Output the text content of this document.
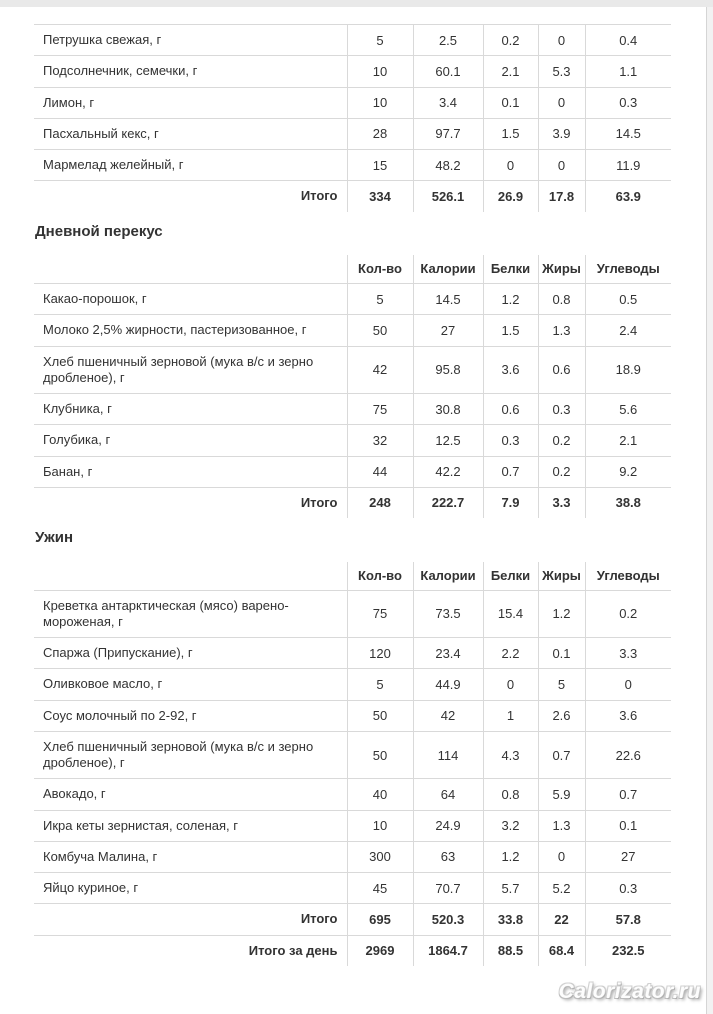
Петрушка свежая, г	5	2.5	0.2	0	0.4
Подсолнечник, семечки, г	10	60.1	2.1	5.3	1.1
Лимон, г	10	3.4	0.1	0	0.3
Пасхальный кекс, г	28	97.7	1.5	3.9	14.5
Мармелад желейный, г	15	48.2	0	0	11.9
Итого	334	526.1	26.9	17.8	63.9
Дневной перекус
	Кол-во	Калории	Белки	Жиры	Углеводы
Какао-порошок, г	5	14.5	1.2	0.8	0.5
Молоко 2,5% жирности, пастеризованное, г	50	27	1.5	1.3	2.4
Хлеб пшеничный зерновой (мука в/с и зерно дробленое), г	42	95.8	3.6	0.6	18.9
Клубника, г	75	30.8	0.6	0.3	5.6
Голубика, г	32	12.5	0.3	0.2	2.1
Банан, г	44	42.2	0.7	0.2	9.2
Итого	248	222.7	7.9	3.3	38.8
Ужин
	Кол-во	Калории	Белки	Жиры	Углеводы
Креветка антарктическая (мясо) варено-мороженая, г	75	73.5	15.4	1.2	0.2
Спаржа (Припускание), г	120	23.4	2.2	0.1	3.3
Оливковое масло, г	5	44.9	0	5	0
Соус молочный по 2-92, г	50	42	1	2.6	3.6
Хлеб пшеничный зерновой (мука в/с и зерно дробленое), г	50	114	4.3	0.7	22.6
Авокадо, г	40	64	0.8	5.9	0.7
Икра кеты зернистая, соленая, г	10	24.9	3.2	1.3	0.1
Комбуча Малина, г	300	63	1.2	0	27
Яйцо куриное, г	45	70.7	5.7	5.2	0.3
Итого	695	520.3	33.8	22	57.8
Итого за день	2969	1864.7	88.5	68.4	232.5
Calorizator.ru
